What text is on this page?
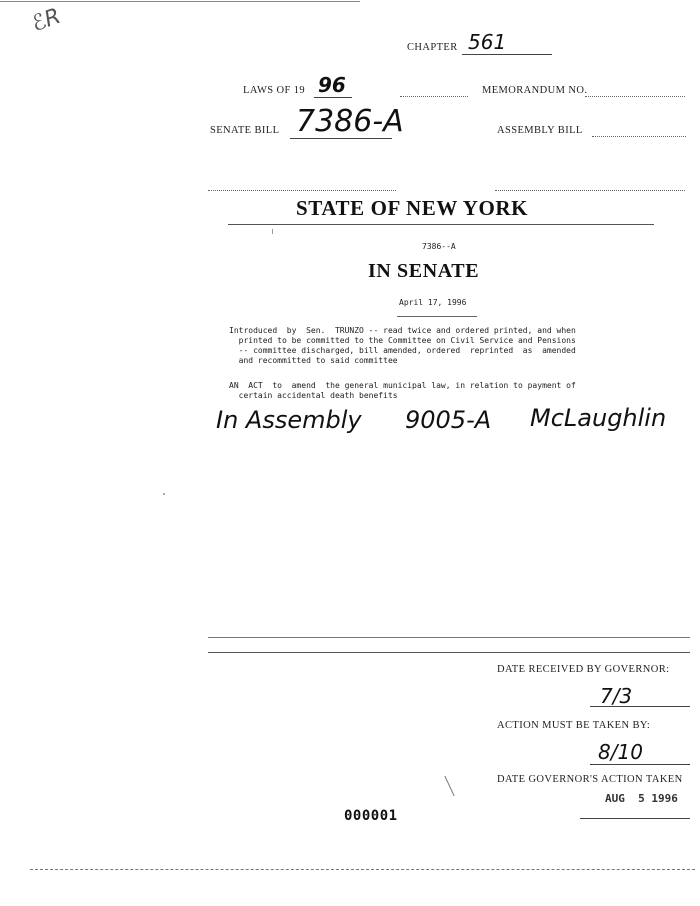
ℰR
CHAPTER 561
LAWS OF 19 96	MEMORANDUM NO.
SENATE BILL 7386-A	ASSEMBLY BILL
STATE OF NEW YORK
7386--A
IN SENATE
April 17, 1996
Introduced  by  Sen.  TRUNZO -- read twice and ordered printed, and when
printed to be committed to the Committee on Civil Service and Pensions
-- committee discharged, bill amended, ordered  reprinted  as  amended
and recommitted to said committee
AN  ACT  to  amend  the general municipal law, in relation to payment of
certain accidental death benefits
In Assembly 9005-A McLaughlin
DATE RECEIVED BY GOVERNOR:
7/3
ACTION MUST BE TAKEN BY:
8/10
DATE GOVERNOR'S ACTION TAKEN
AUG  5 1996
000001
